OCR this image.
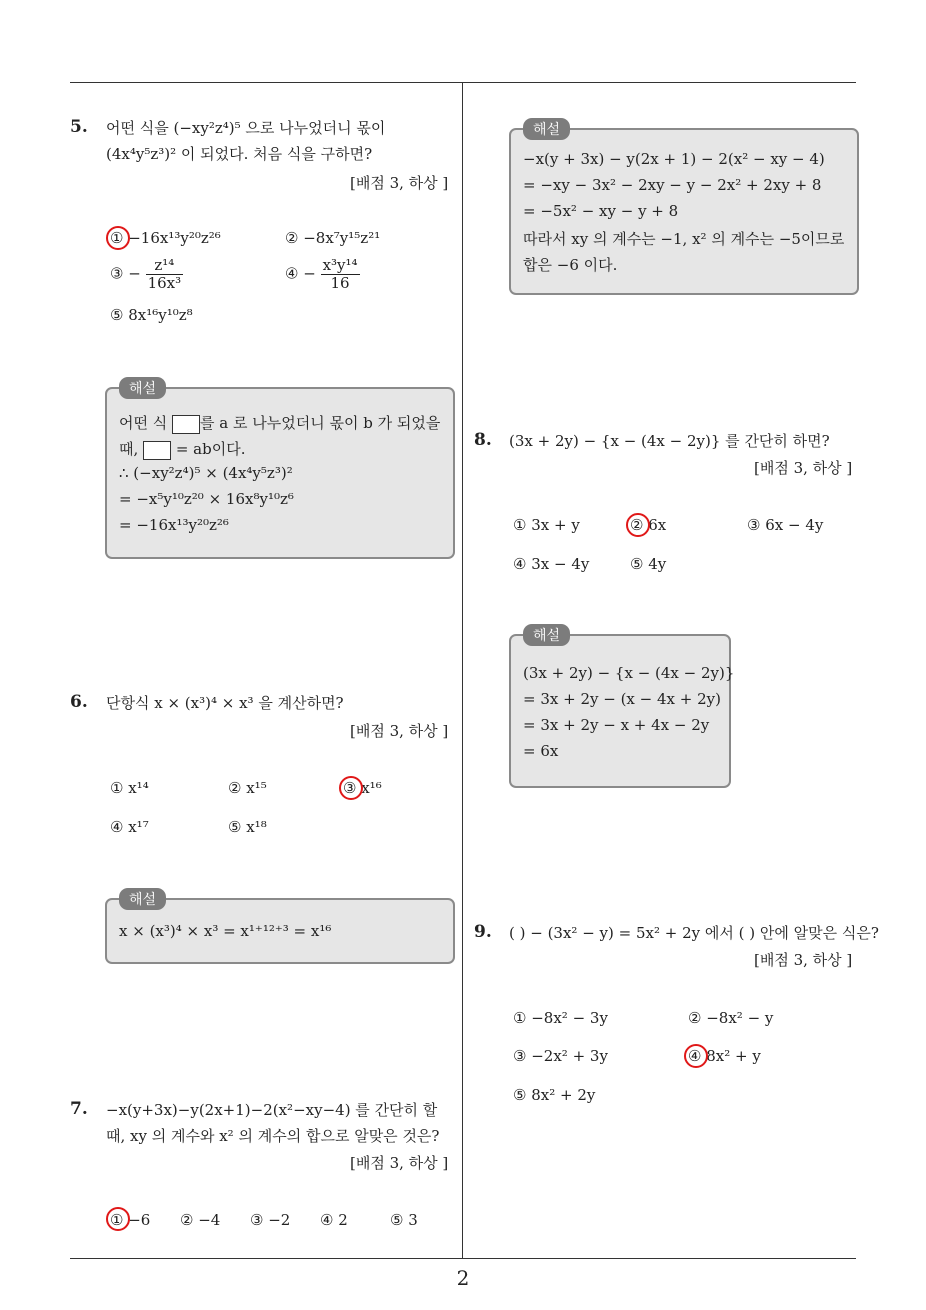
5. 어떤 식을 (−xy²z⁴)⁵ 으로 나누었더니 몫이
(4x⁴y⁵z³)² 이 되었다. 처음 식을 구하면?
[배점 3, 하상 ]
① −16x¹³y²⁰z²⁶	② −8x⁷y¹⁵z²¹
③ − $\frac{\text{z¹⁴}}{\text{16x³}}$	④ − $\frac{\text{x³y¹⁴}}{16}$
⑤ 8x¹⁶y¹⁰z⁸
어떤 식 를 a 로 나누었더니 몫이 b 가 되었을
때,	= ab이다.
∴ (−xy²z⁴)⁵ × (4x⁴y⁵z³)²
= −x⁵y¹⁰z²⁰ × 16x⁸y¹⁰z⁶
= −16x¹³y²⁰z²⁶
해설
6. 단항식 x × (x³)⁴ × x³ 을 계산하면?
[배점 3, 하상 ]
① x¹⁴	② x¹⁵	③ x¹⁶
④ x¹⁷	⑤ x¹⁸
x × (x³)⁴ × x³ = x¹⁺¹²⁺³ = x¹⁶
해설
7. −x(y+3x)−y(2x+1)−2(x²−xy−4) 를 간단히 할
때, xy 의 계수와 x² 의 계수의 합으로 알맞은 것은?
[배점 3, 하상 ]
① −6 ② −4 ③ −2 ④ 2	⑤ 3
−x(y + 3x) − y(2x + 1) − 2(x² − xy − 4)
= −xy − 3x² − 2xy − y − 2x² + 2xy + 8
= −5x² − xy − y + 8
따라서 xy 의 계수는 −1, x² 의 계수는 −5이므로
합은 −6 이다.
해설
8. (3x + 2y) − {x − (4x − 2y)} 를 간단히 하면?
[배점 3, 하상 ]
① 3x + y	② 6x	③ 6x − 4y
④ 3x − 4y	⑤ 4y
(3x + 2y) − {x − (4x − 2y)}
= 3x + 2y − (x − 4x + 2y)
= 3x + 2y − x + 4x − 2y
= 6x
해설
9. ( ) − (3x² − y) = 5x² + 2y 에서 ( ) 안에 알맞은 식은?
[배점 3, 하상 ]
① −8x² − 3y	② −8x² − y
③ −2x² + 3y	④ 8x² + y
⑤ 8x² + 2y
2
